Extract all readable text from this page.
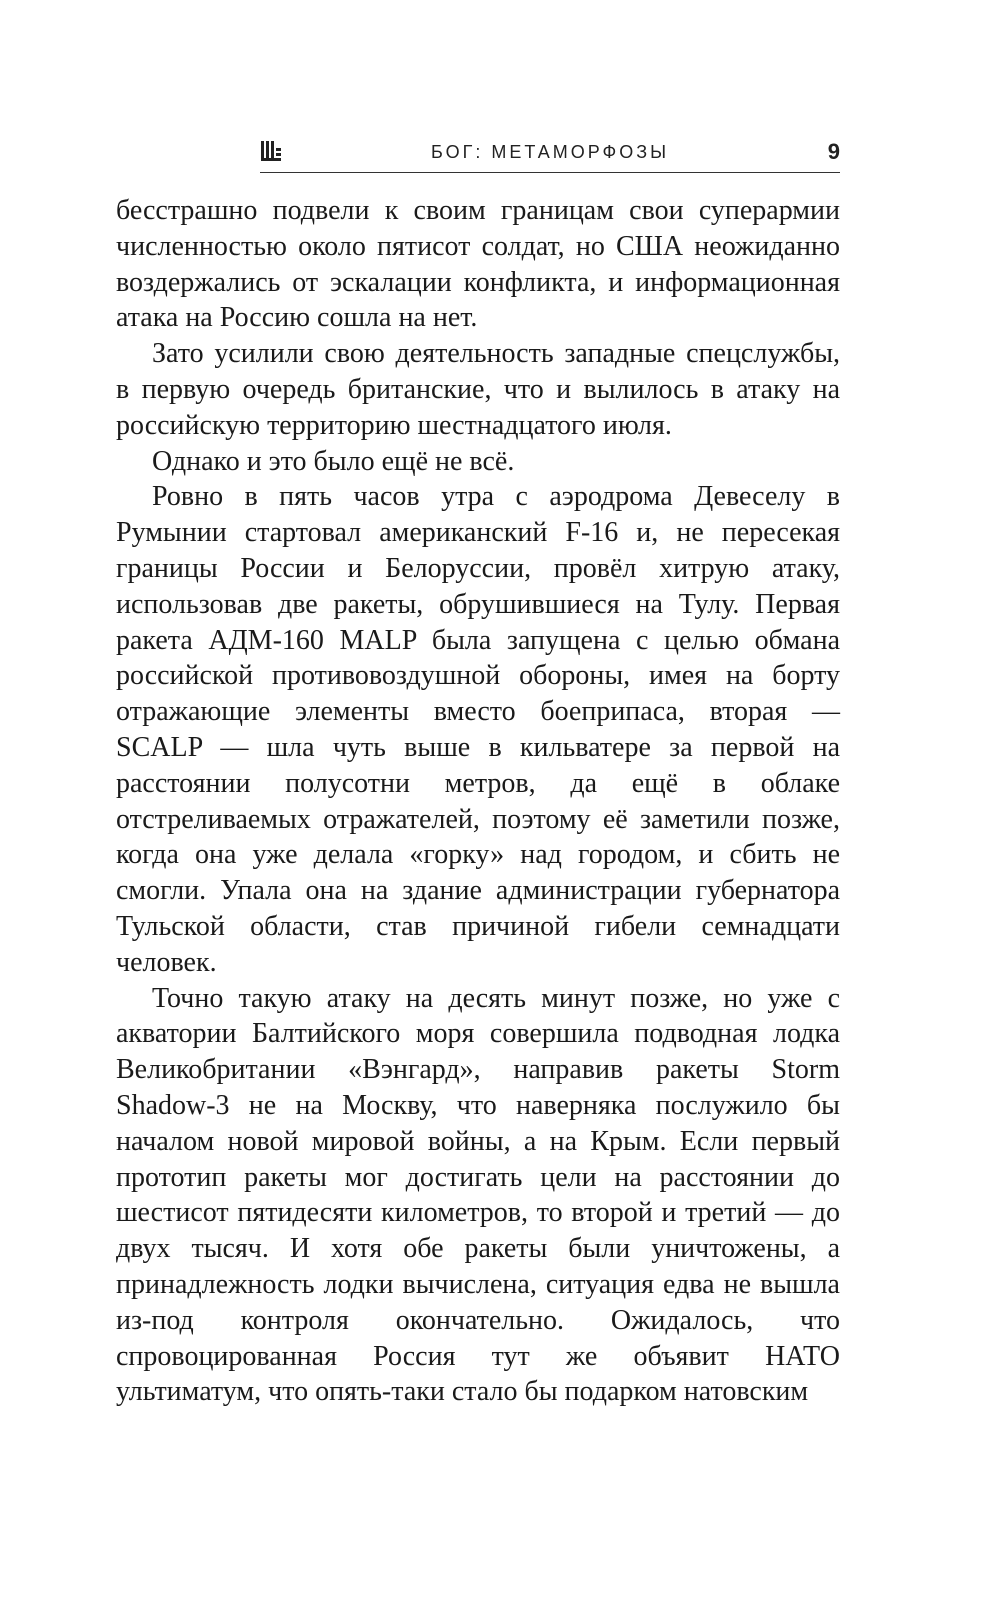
БОГ: МЕТАМОРФОЗЫ	9

бесстрашно подвели к своим границам свои суперармии численностью около пятисот солдат, но США неожиданно воздержались от эскалации конфликта, и информационная атака на Россию сошла на нет.

Зато усилили свою деятельность западные спецслужбы, в первую очередь британские, что и вылилось в атаку на российскую территорию шестнадцатого июля.

Однако и это было ещё не всё.

Ровно в пять часов утра с аэродрома Девеселу в Румынии стартовал американский F-16 и, не пересекая границы России и Белоруссии, провёл хитрую атаку, использовав две ракеты, обрушившиеся на Тулу. Первая ракета АДМ-160 MALP была запущена с целью обмана российской противовоздушной обороны, имея на борту отражающие элементы вместо боеприпаса, вторая — SCALP — шла чуть выше в кильватере за первой на расстоянии полусотни метров, да ещё в облаке отстреливаемых отражателей, поэтому её заметили позже, когда она уже делала «горку» над городом, и сбить не смогли. Упала она на здание администрации губернатора Тульской области, став причиной гибели семнадцати человек.

Точно такую атаку на десять минут позже, но уже с акватории Балтийского моря совершила подводная лодка Великобритании «Вэнгард», направив ракеты Storm Shadow-3 не на Москву, что наверняка послужило бы началом новой мировой войны, а на Крым. Если первый прототип ракеты мог достигать цели на расстоянии до шестисот пятидесяти километров, то второй и третий — до двух тысяч. И хотя обе ракеты были уничтожены, а принадлежность лодки вычислена, ситуация едва не вышла из-под контроля окончательно. Ожидалось, что спровоцированная Россия тут же объявит НАТО ультиматум, что опять-таки стало бы подарком натовским
